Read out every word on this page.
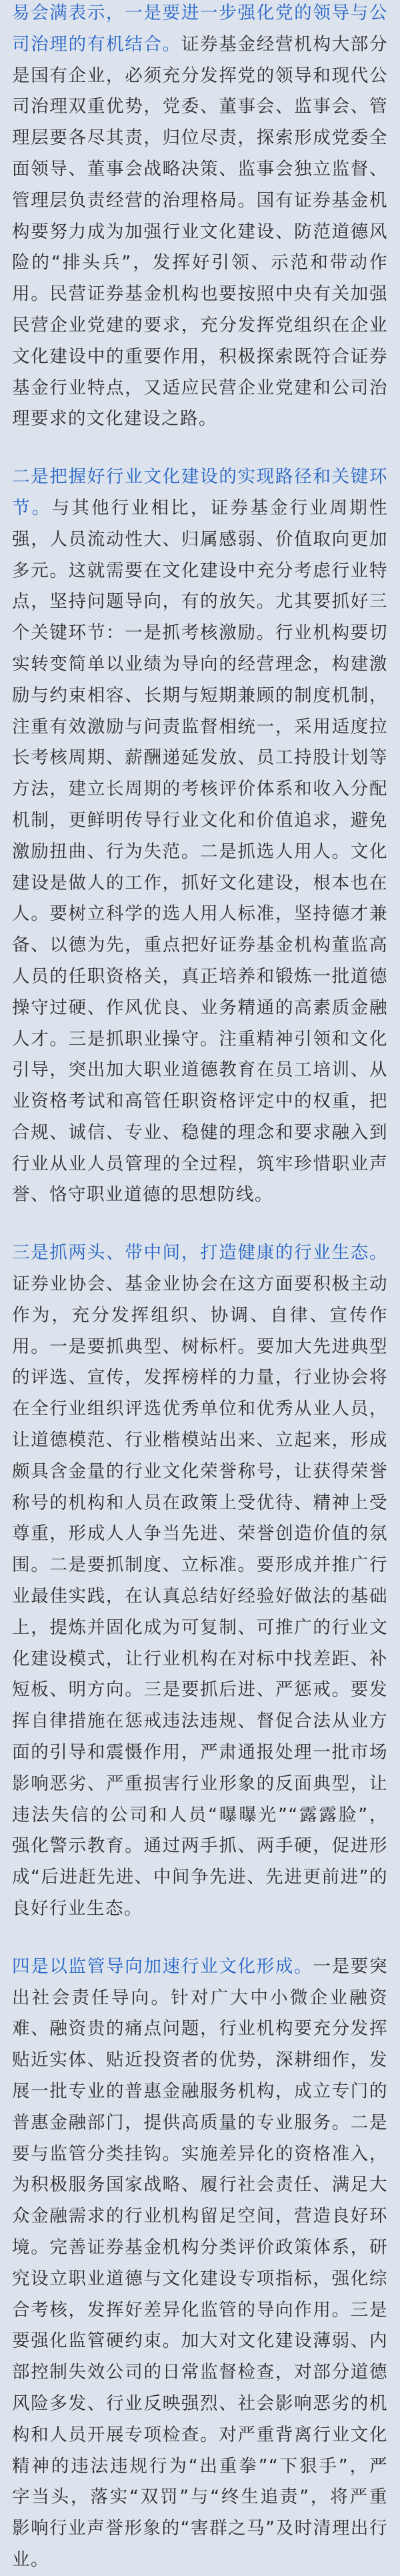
易会满表示，一是要进一步强化党的领导与公司治理的有机结合。证券基金经营机构大部分是国有企业，必须充分发挥党的领导和现代公司治理双重优势，党委、董事会、监事会、管理层要各尽其责，归位尽责，探索形成党委全面领导、董事会战略决策、监事会独立监督、管理层负责经营的治理格局。国有证券基金机构要努力成为加强行业文化建设、防范道德风险的“排头兵”，发挥好引领、示范和带动作用。民营证券基金机构也要按照中央有关加强民营企业党建的要求，充分发挥党组织在企业文化建设中的重要作用，积极探索既符合证券基金行业特点，又适应民营企业党建和公司治理要求的文化建设之路。

二是把握好行业文化建设的实现路径和关键环节。与其他行业相比，证券基金行业周期性强，人员流动性大、归属感弱、价值取向更加多元。这就需要在文化建设中充分考虑行业特点，坚持问题导向，有的放矢。尤其要抓好三个关键环节：一是抓考核激励。行业机构要切实转变简单以业绩为导向的经营理念，构建激励与约束相容、长期与短期兼顾的制度机制，注重有效激励与问责监督相统一，采用适度拉长考核周期、薪酬递延发放、员工持股计划等方法，建立长周期的考核评价体系和收入分配机制，更鲜明传导行业文化和价值追求，避免激励扭曲、行为失范。二是抓选人用人。文化建设是做人的工作，抓好文化建设，根本也在人。要树立科学的选人用人标准，坚持德才兼备、以德为先，重点把好证券基金机构董监高人员的任职资格关，真正培养和锻炼一批道德操守过硬、作风优良、业务精通的高素质金融人才。三是抓职业操守。注重精神引领和文化引导，突出加大职业道德教育在员工培训、从业资格考试和高管任职资格评定中的权重，把合规、诚信、专业、稳健的理念和要求融入到行业从业人员管理的全过程，筑牢珍惜职业声誉、恪守职业道德的思想防线。

三是抓两头、带中间，打造健康的行业生态。证券业协会、基金业协会在这方面要积极主动作为，充分发挥组织、协调、自律、宣传作用。一是要抓典型、树标杆。要加大先进典型的评选、宣传，发挥榜样的力量，行业协会将在全行业组织评选优秀单位和优秀从业人员，让道德模范、行业楷模站出来、立起来，形成颇具含金量的行业文化荣誉称号，让获得荣誉称号的机构和人员在政策上受优待、精神上受尊重，形成人人争当先进、荣誉创造价值的氛围。二是要抓制度、立标准。要形成并推广行业最佳实践，在认真总结好经验好做法的基础上，提炼并固化成为可复制、可推广的行业文化建设模式，让行业机构在对标中找差距、补短板、明方向。三是要抓后进、严惩戒。要发挥自律措施在惩戒违法违规、督促合法从业方面的引导和震慑作用，严肃通报处理一批市场影响恶劣、严重损害行业形象的反面典型，让违法失信的公司和人员“曝曝光”“露露脸”，强化警示教育。通过两手抓、两手硬，促进形成“后进赶先进、中间争先进、先进更前进”的良好行业生态。

四是以监管导向加速行业文化形成。一是要突出社会责任导向。针对广大中小微企业融资难、融资贵的痛点问题，行业机构要充分发挥贴近实体、贴近投资者的优势，深耕细作，发展一批专业的普惠金融服务机构，成立专门的普惠金融部门，提供高质量的专业服务。二是要与监管分类挂钩。实施差异化的资格准入，为积极服务国家战略、履行社会责任、满足大众金融需求的行业机构留足空间，营造良好环境。完善证券基金机构分类评价政策体系，研究设立职业道德与文化建设专项指标，强化综合考核，发挥好差异化监管的导向作用。三是要强化监管硬约束。加大对文化建设薄弱、内部控制失效公司的日常监督检查，对部分道德风险多发、行业反映强烈、社会影响恶劣的机构和人员开展专项检查。对严重背离行业文化精神的违法违规行为“出重拳”“下狠手”，严字当头，落实“双罚”与“终生追责”，将严重影响行业声誉形象的“害群之马”及时清理出行业。
